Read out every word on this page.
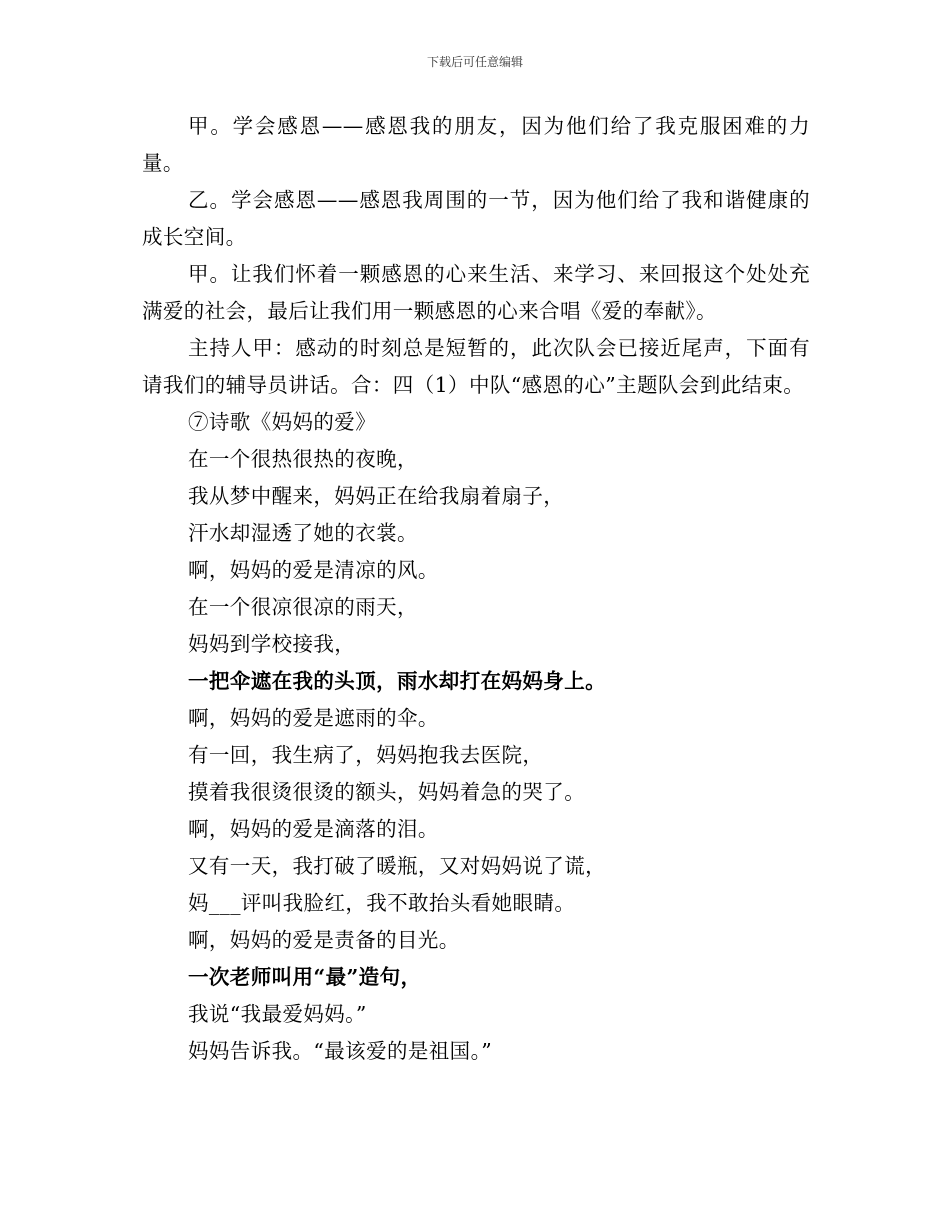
下载后可任意编辑

甲。学会感恩——感恩我的朋友，因为他们给了我克服困难的力量。

乙。学会感恩——感恩我周围的一节，因为他们给了我和谐健康的成长空间。

甲。让我们怀着一颗感恩的心来生活、来学习、来回报这个处处充满爱的社会，最后让我们用一颗感恩的心来合唱《爱的奉献》。

主持人甲：感动的时刻总是短暂的，此次队会已接近尾声，下面有请我们的辅导员讲话。合：四（1）中队“感恩的心”主题队会到此结束。

⑦诗歌《妈妈的爱》

在一个很热很热的夜晚，

我从梦中醒来，妈妈正在给我扇着扇子，

汗水却湿透了她的衣裳。

啊，妈妈的爱是清凉的风。

在一个很凉很凉的雨天，

妈妈到学校接我，

一把伞遮在我的头顶，雨水却打在妈妈身上。

啊，妈妈的爱是遮雨的伞。

有一回，我生病了，妈妈抱我去医院，

摸着我很烫很烫的额头，妈妈着急的哭了。

啊，妈妈的爱是滴落的泪。

又有一天，我打破了暖瓶，又对妈妈说了谎，

妈___评叫我脸红，我不敢抬头看她眼睛。

啊，妈妈的爱是责备的目光。

一次老师叫用“最”造句，

我说“我最爱妈妈。”

妈妈告诉我。“最该爱的是祖国。”
